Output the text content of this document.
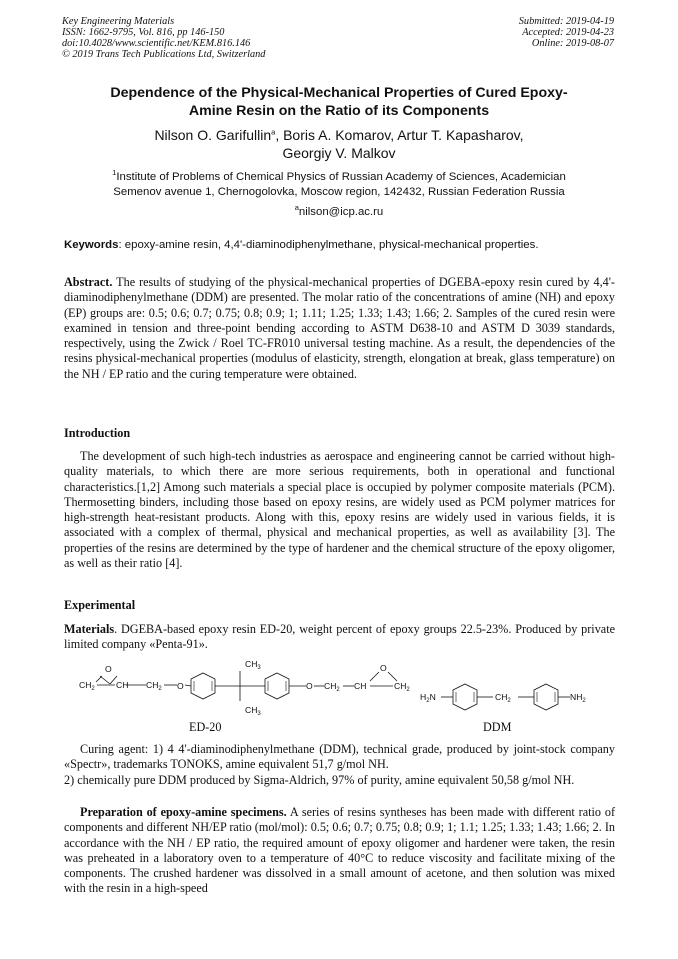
Key Engineering Materials
ISSN: 1662-9795, Vol. 816, pp 146-150
doi:10.4028/www.scientific.net/KEM.816.146
© 2019 Trans Tech Publications Ltd, Switzerland
Submitted: 2019-04-19
Accepted: 2019-04-23
Online: 2019-08-07
Dependence of the Physical-Mechanical Properties of Cured Epoxy-
Amine Resin on the Ratio of its Components
Nilson O. Garifullin$^a$, Boris A. Komarov, Artur T. Kapasharov,
Georgiy V. Malkov
$^1$Institute of Problems of Chemical Physics of Russian Academy of Sciences, Academician
Semenov avenue 1, Chernogolovka, Moscow region, 142432, Russian Federation Russia
$^a$nilson@icp.ac.ru
Keywords: epoxy-amine resin, 4,4'-diaminodiphenylmethane, physical-mechanical properties.
Abstract. The results of studying of the physical-mechanical properties of DGEBA-epoxy resin cured by 4,4'-diaminodiphenylmethane (DDM) are presented. The molar ratio of the concentrations of amine (NH) and epoxy (EP) groups are: 0.5; 0.6; 0.7; 0.75; 0.8; 0.9; 1; 1.11; 1.25; 1.33; 1.43; 1.66; 2. Samples of the cured resin were examined in tension and three-point bending according to ASTM D638-10 and ASTM D 3039 standards, respectively, using the Zwick / Roel TC-FR010 universal testing machine. As a result, the dependencies of the resins physical-mechanical properties (modulus of elasticity, strength, elongation at break, glass temperature) on the NH / EP ratio and the curing temperature were obtained.
Introduction
The development of such high-tech industries as aerospace and engineering cannot be carried without high-quality materials, to which there are more serious requirements, both in operational and functional characteristics.[1,2] Among such materials a special place is occupied by polymer composite materials (PCM). Thermosetting binders, including those based on epoxy resins, are widely used as PCM polymer matrices for high-strength heat-resistant products. Along with this, epoxy resins are widely used in various fields, it is associated with a complex of thermal, physical and mechanical properties, as well as availability [3]. The properties of the resins are determined by the type of hardener and the chemical structure of the epoxy oligomer, as well as their ratio [4].
Experimental
Materials. DGEBA-based epoxy resin ED-20, weight percent of epoxy groups 22.5-23%. Produced by private limited company «Penta-91».
O
$CH_2$ CH $CH_2$ O
$CH_3$
$CH_3$
O $CH_2$ CH
O
$CH_2$
$H_2N$	$CH_2$	$NH_2$
ED-20	DDM
Curing agent: 1) 4 4'-diaminodiphenylmethane (DDM), technical grade, produced by joint-stock company «Spectr», trademarks TONOKS, amine equivalent 51,7 g/mol NH.
2) chemically pure DDM produced by Sigma-Aldrich, 97% of purity, amine equivalent 50,58 g/mol NH.
Preparation of epoxy-amine specimens. A series of resins syntheses has been made with different ratio of components and different NH/EP ratio (mol/mol): 0.5; 0.6; 0.7; 0.75; 0.8; 0.9; 1; 1.1; 1.25; 1.33; 1.43; 1.66; 2. In accordance with the NH / EP ratio, the required amount of epoxy oligomer and hardener were taken, the resin was preheated in a laboratory oven to a temperature of 40°C to reduce viscosity and facilitate mixing of the components. The crushed hardener was dissolved in a small amount of acetone, and then solution was mixed with the resin in a high-speed
